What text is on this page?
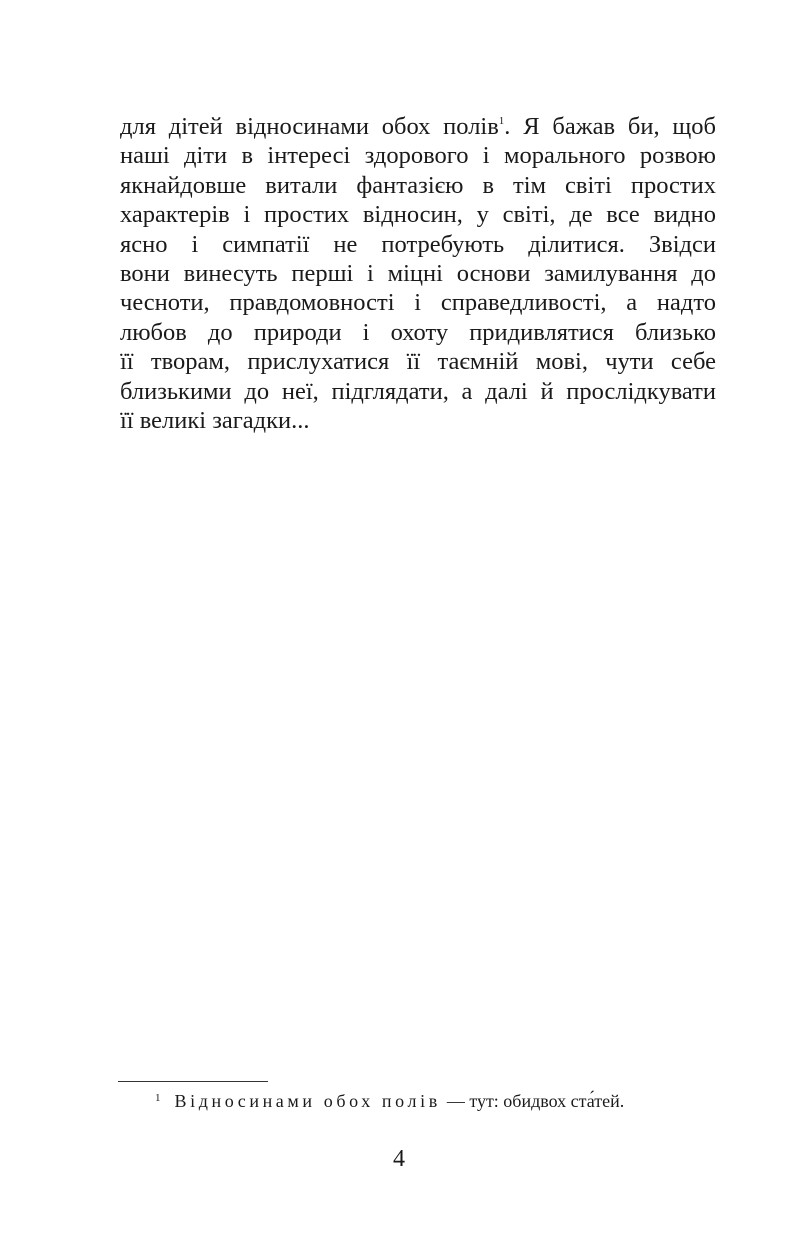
для дітей відносинами обох полів$^1$. Я бажав би, щоб
наші діти в інтересі здорового і морального розвою
якнайдовше витали фантазією в тім світі простих
характерів і простих відносин, у світі, де все видно
ясно і симпатії не потребують ділитися. Звідси
вони винесуть перші і міцні основи замилування до
чесноти, правдомовності і справедливості, а надто
любов до природи і охоту придивлятися близько
її творам, прислухатися її таємній мові, чути себе
близькими до неї, підглядати, а далі й прослідкувати
її великі загадки...
$^1$ Відносинами обох полів — тут: обидвох ста́тей.
4
